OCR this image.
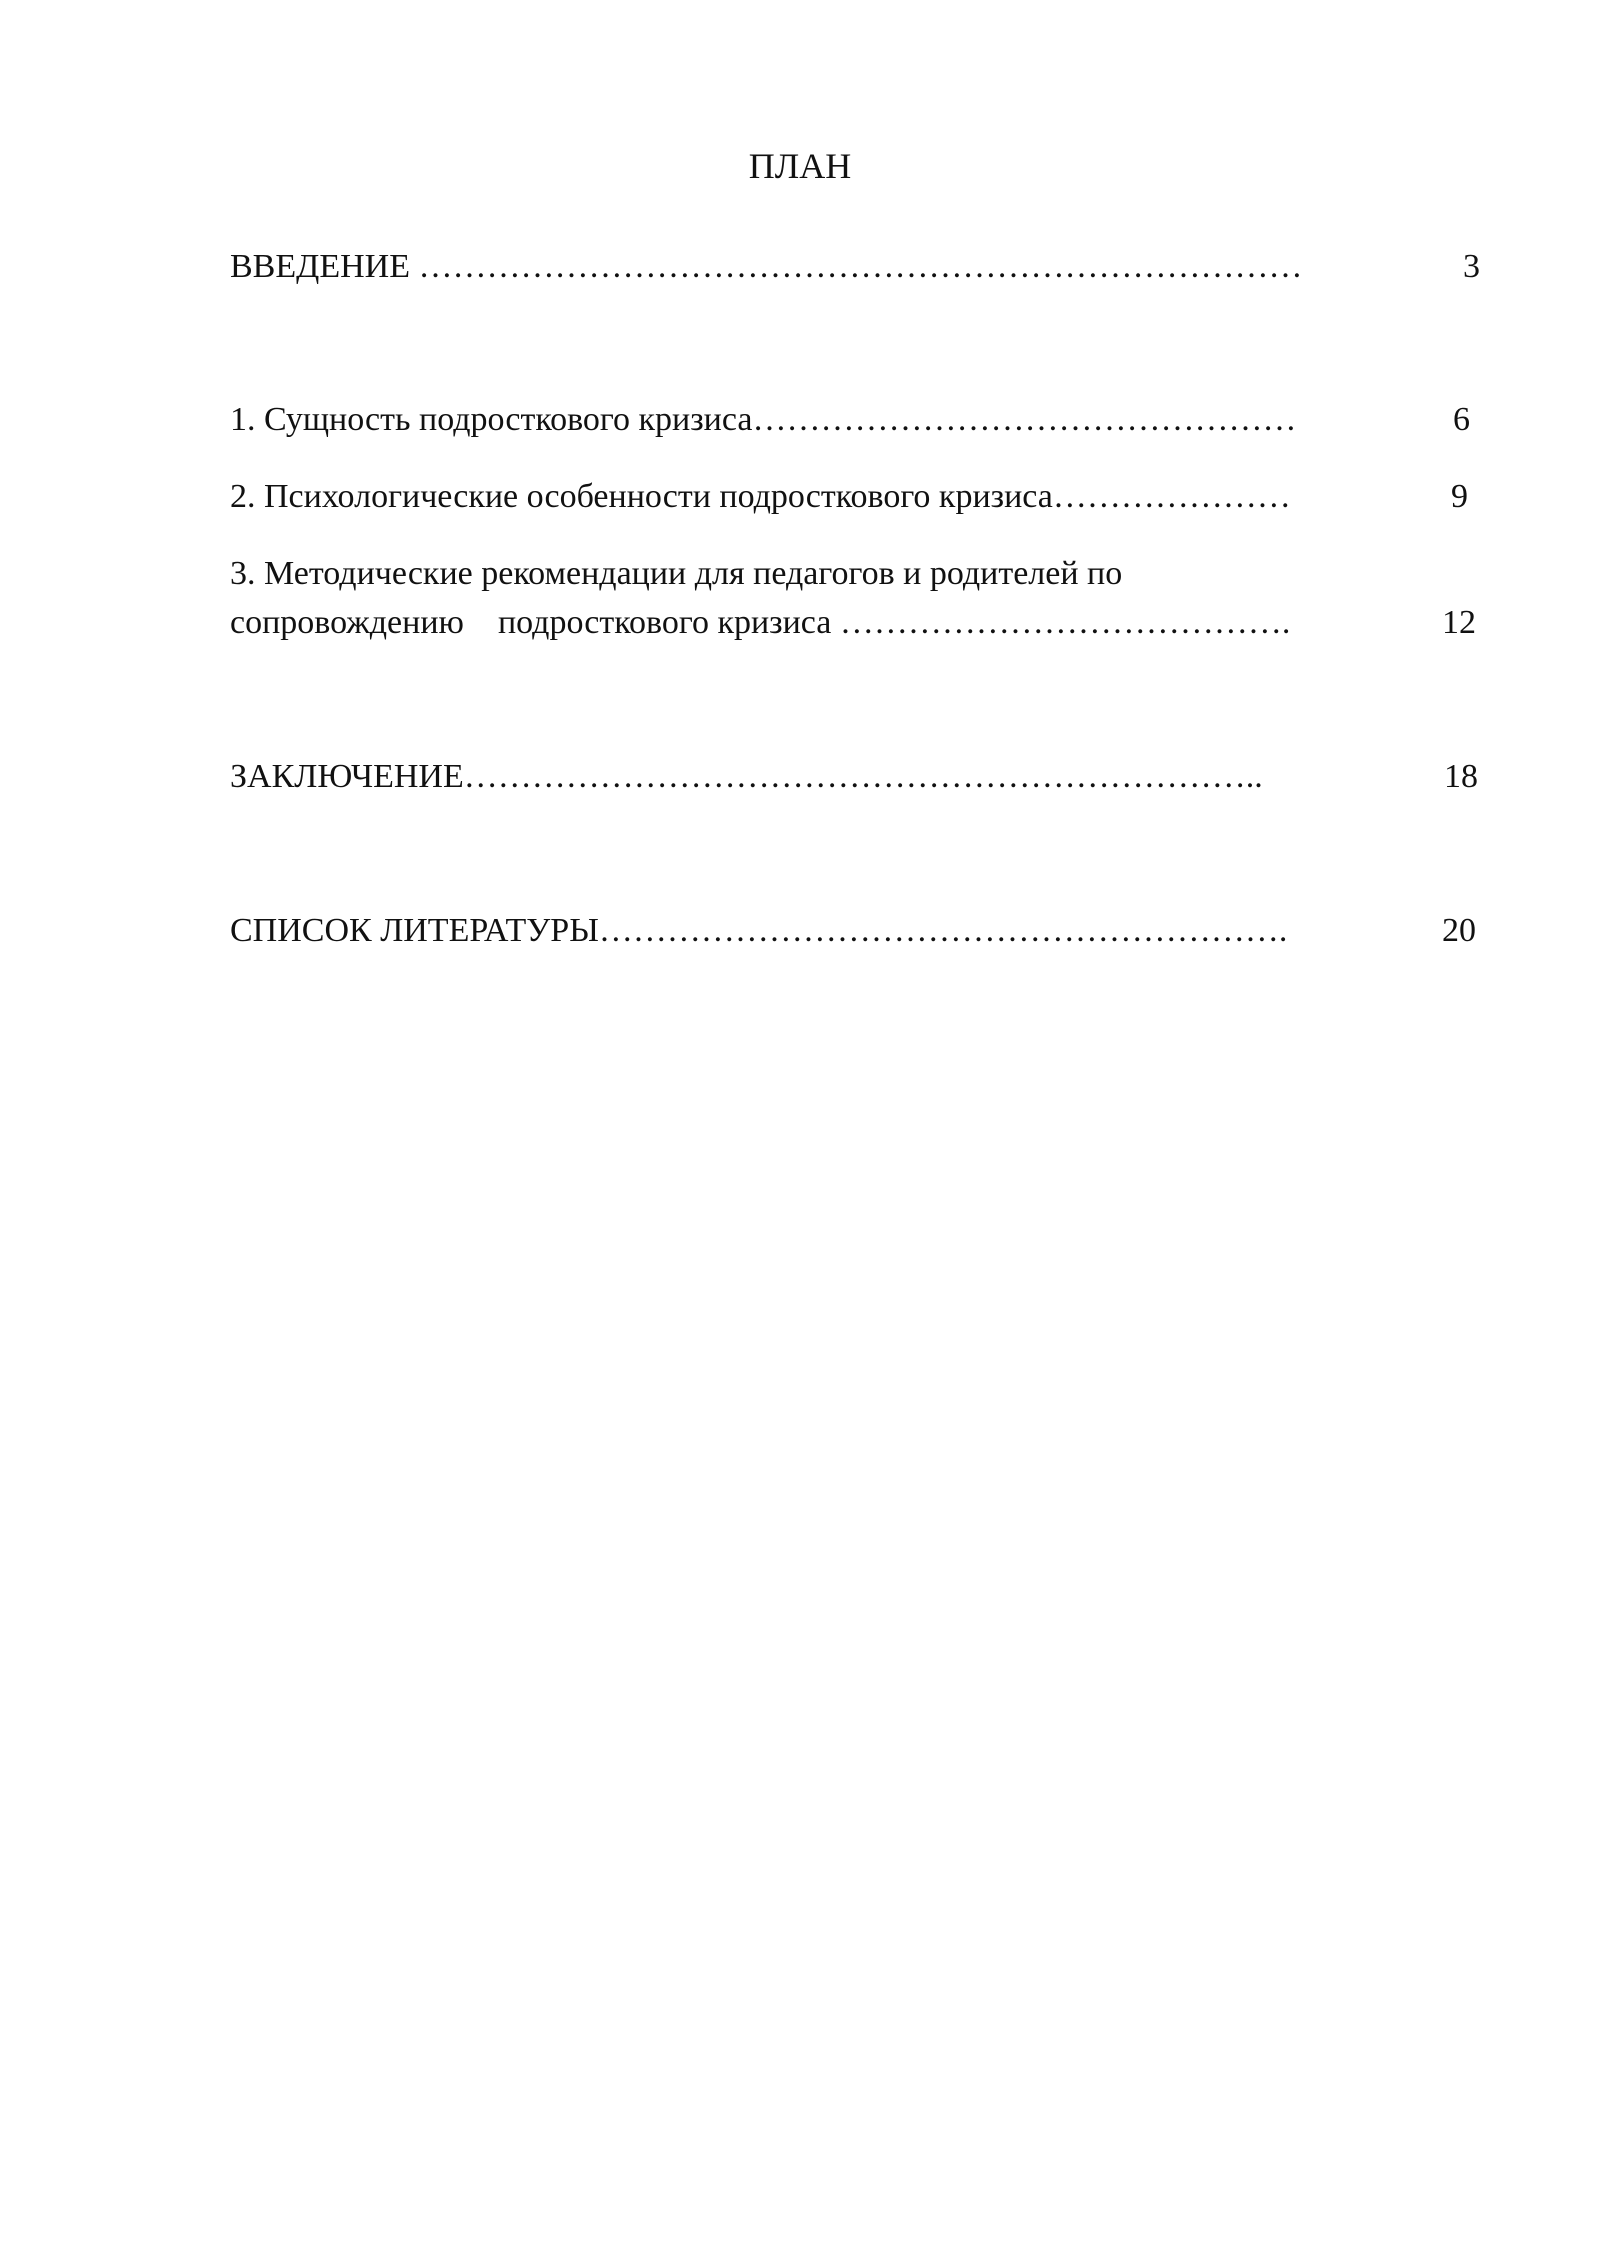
ПЛАН
ВВЕДЕНИЕ ……………………………………………………………………	3
1. Сущность подросткового кризиса…………………………………………	6
2. Психологические особенности подросткового кризиса…………………	9
3. Методические рекомендации для педагогов и родителей по
сопровождению подросткового кризиса ………………………………….	12
ЗАКЛЮЧЕНИЕ……………………………………………………………..	18
СПИСОК ЛИТЕРАТУРЫ…………………………………………………….	20
